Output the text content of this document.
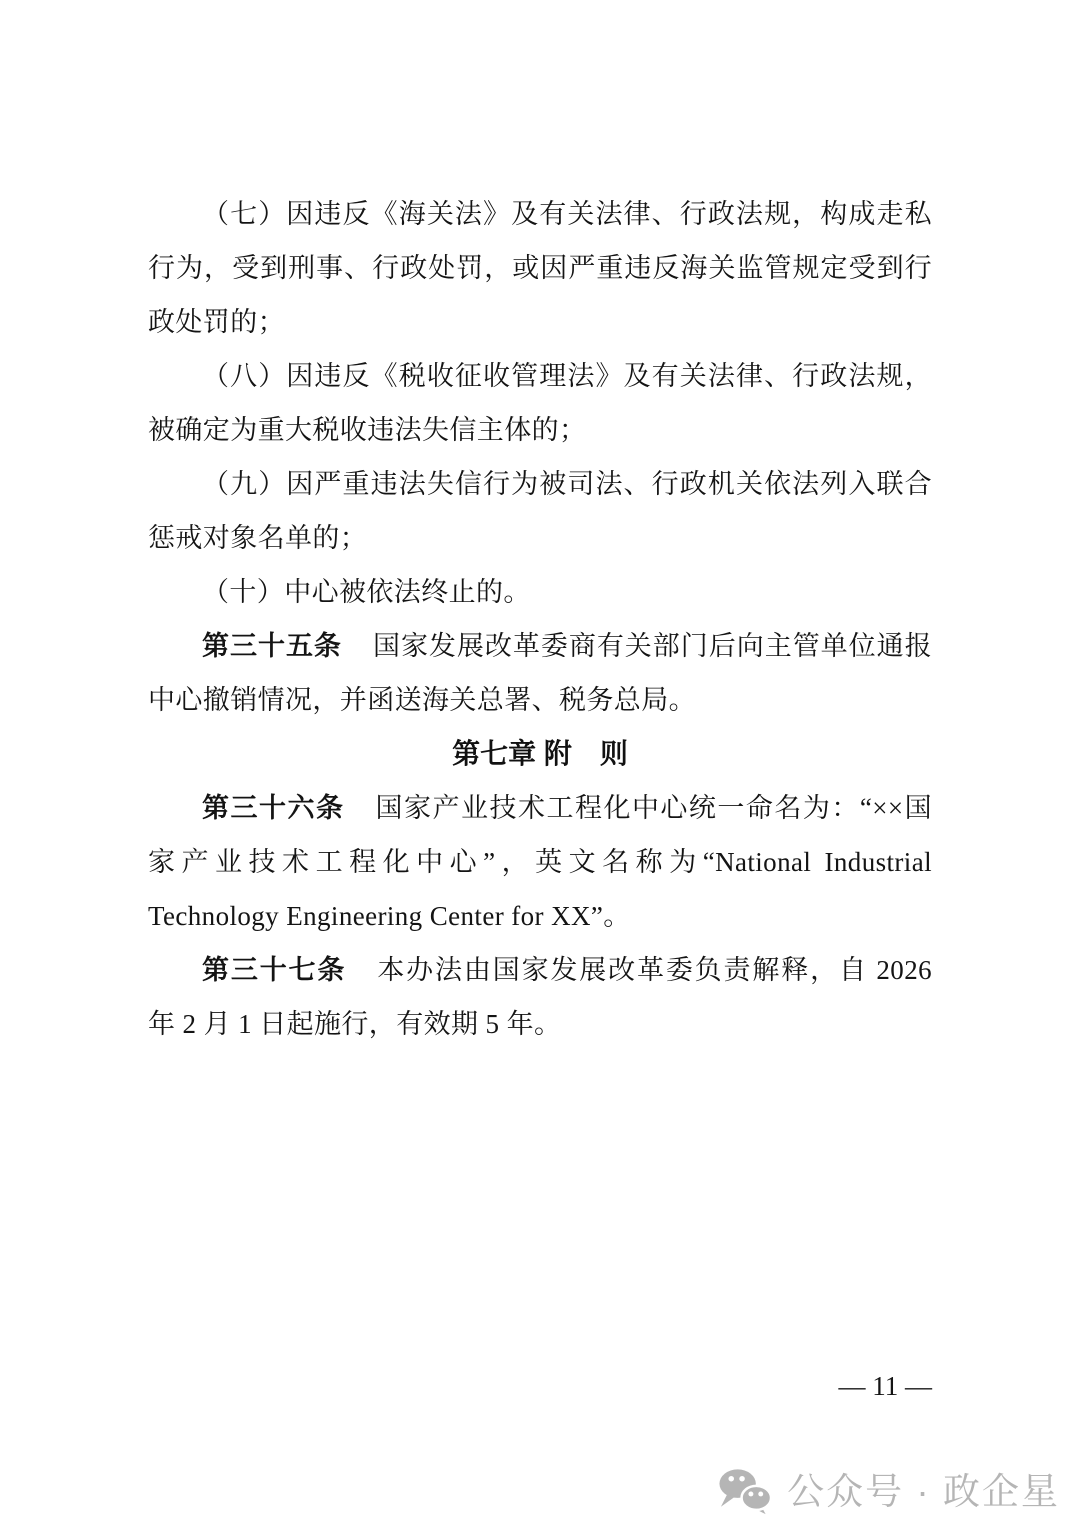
（七）因违反《海关法》及有关法律、行政法规，构成走私行为，受到刑事、行政处罚，或因严重违反海关监管规定受到行政处罚的；

（八）因违反《税收征收管理法》及有关法律、行政法规，被确定为重大税收违法失信主体的；

（九）因严重违法失信行为被司法、行政机关依法列入联合惩戒对象名单的；

（十）中心被依法终止的。

第三十五条 国家发展改革委商有关部门后向主管单位通报中心撤销情况，并函送海关总署、税务总局。

第七章 附　则

第三十六条 国家产业技术工程化中心统一命名为：“××国家产业技术工程化中心”，英文名称为“National Industrial Technology Engineering Center for XX”。

第三十七条 本办法由国家发展改革委负责解释，自 2026 年 2 月 1 日起施行，有效期 5 年。

— 11 —
公众号 · 政企星
